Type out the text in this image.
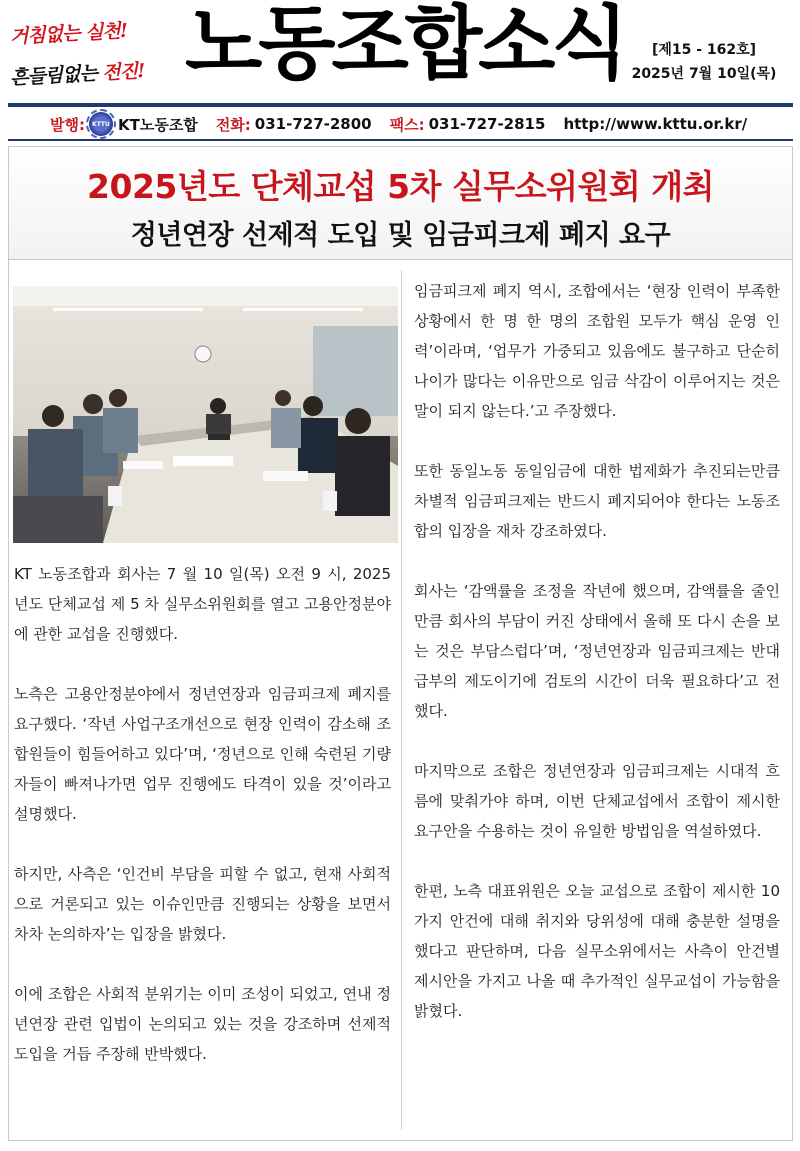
거침없는 실천!
흔들림없는 전진! 노동조합소식	[제15 - 162호]
2025년 7월 10일(목)
발행:	KTTU KT노동조합 전화: 031-727-2800 팩스: 031-727-2815 http://www.kttu.or.kr/
2025년도 단체교섭 5차 실무소위원회 개최
정년연장 선제적 도입 및 임금피크제 폐지 요구

KT 노동조합과 회사는 7 월 10 일(목) 오전 9 시, 2025 년도 단체교섭 제 5 차 실무소위원회를 열고 고용안정분야에 관한 교섭을 진행했다.

노측은 고용안정분야에서 정년연장과 임금피크제 폐지를 요구했다. ‘작년 사업구조개선으로 현장 인력이 감소해 조합원들이 힘들어하고 있다’며, ‘정년으로 인해 숙련된 기량자들이 빠져나가면 업무 진행에도 타격이 있을 것’이라고 설명했다.

하지만, 사측은 ‘인건비 부담을 피할 수 없고, 현재 사회적으로 거론되고 있는 이슈인만큼 진행되는 상황을 보면서 차차 논의하자’는 입장을 밝혔다.

이에 조합은 사회적 분위기는 이미 조성이 되었고, 연내 정년연장 관련 입법이 논의되고 있는 것을 강조하며 선제적 도입을 거듭 주장해 반박했다.

임금피크제 폐지 역시, 조합에서는 ‘현장 인력이 부족한 상황에서 한 명 한 명의 조합원 모두가 핵심 운영 인력’이라며, ‘업무가 가중되고 있음에도 불구하고 단순히 나이가 많다는 이유만으로 임금 삭감이 이루어지는 것은 말이 되지 않는다.’고 주장했다.

또한 동일노동 동일임금에 대한 법제화가 추진되는만큼 차별적 임금피크제는 반드시 폐지되어야 한다는 노동조합의 입장을 재차 강조하였다.

회사는 ‘감액률을 조정을 작년에 했으며, 감액률을 줄인만큼 회사의 부담이 커진 상태에서 올해 또 다시 손을 보는 것은 부담스럽다’며, ‘정년연장과 임금피크제는 반대급부의 제도이기에 검토의 시간이 더욱 필요하다’고 전했다.

마지막으로 조합은 정년연장과 임금피크제는 시대적 흐름에 맞춰가야 하며, 이번 단체교섭에서 조합이 제시한 요구안을 수용하는 것이 유일한 방법임을 역설하였다.

한편, 노측 대표위원은 오늘 교섭으로 조합이 제시한 10 가지 안건에 대해 취지와 당위성에 대해 충분한 설명을 했다고 판단하며, 다음 실무소위에서는 사측이 안건별 제시안을 가지고 나올 때 추가적인 실무교섭이 가능함을 밝혔다.
